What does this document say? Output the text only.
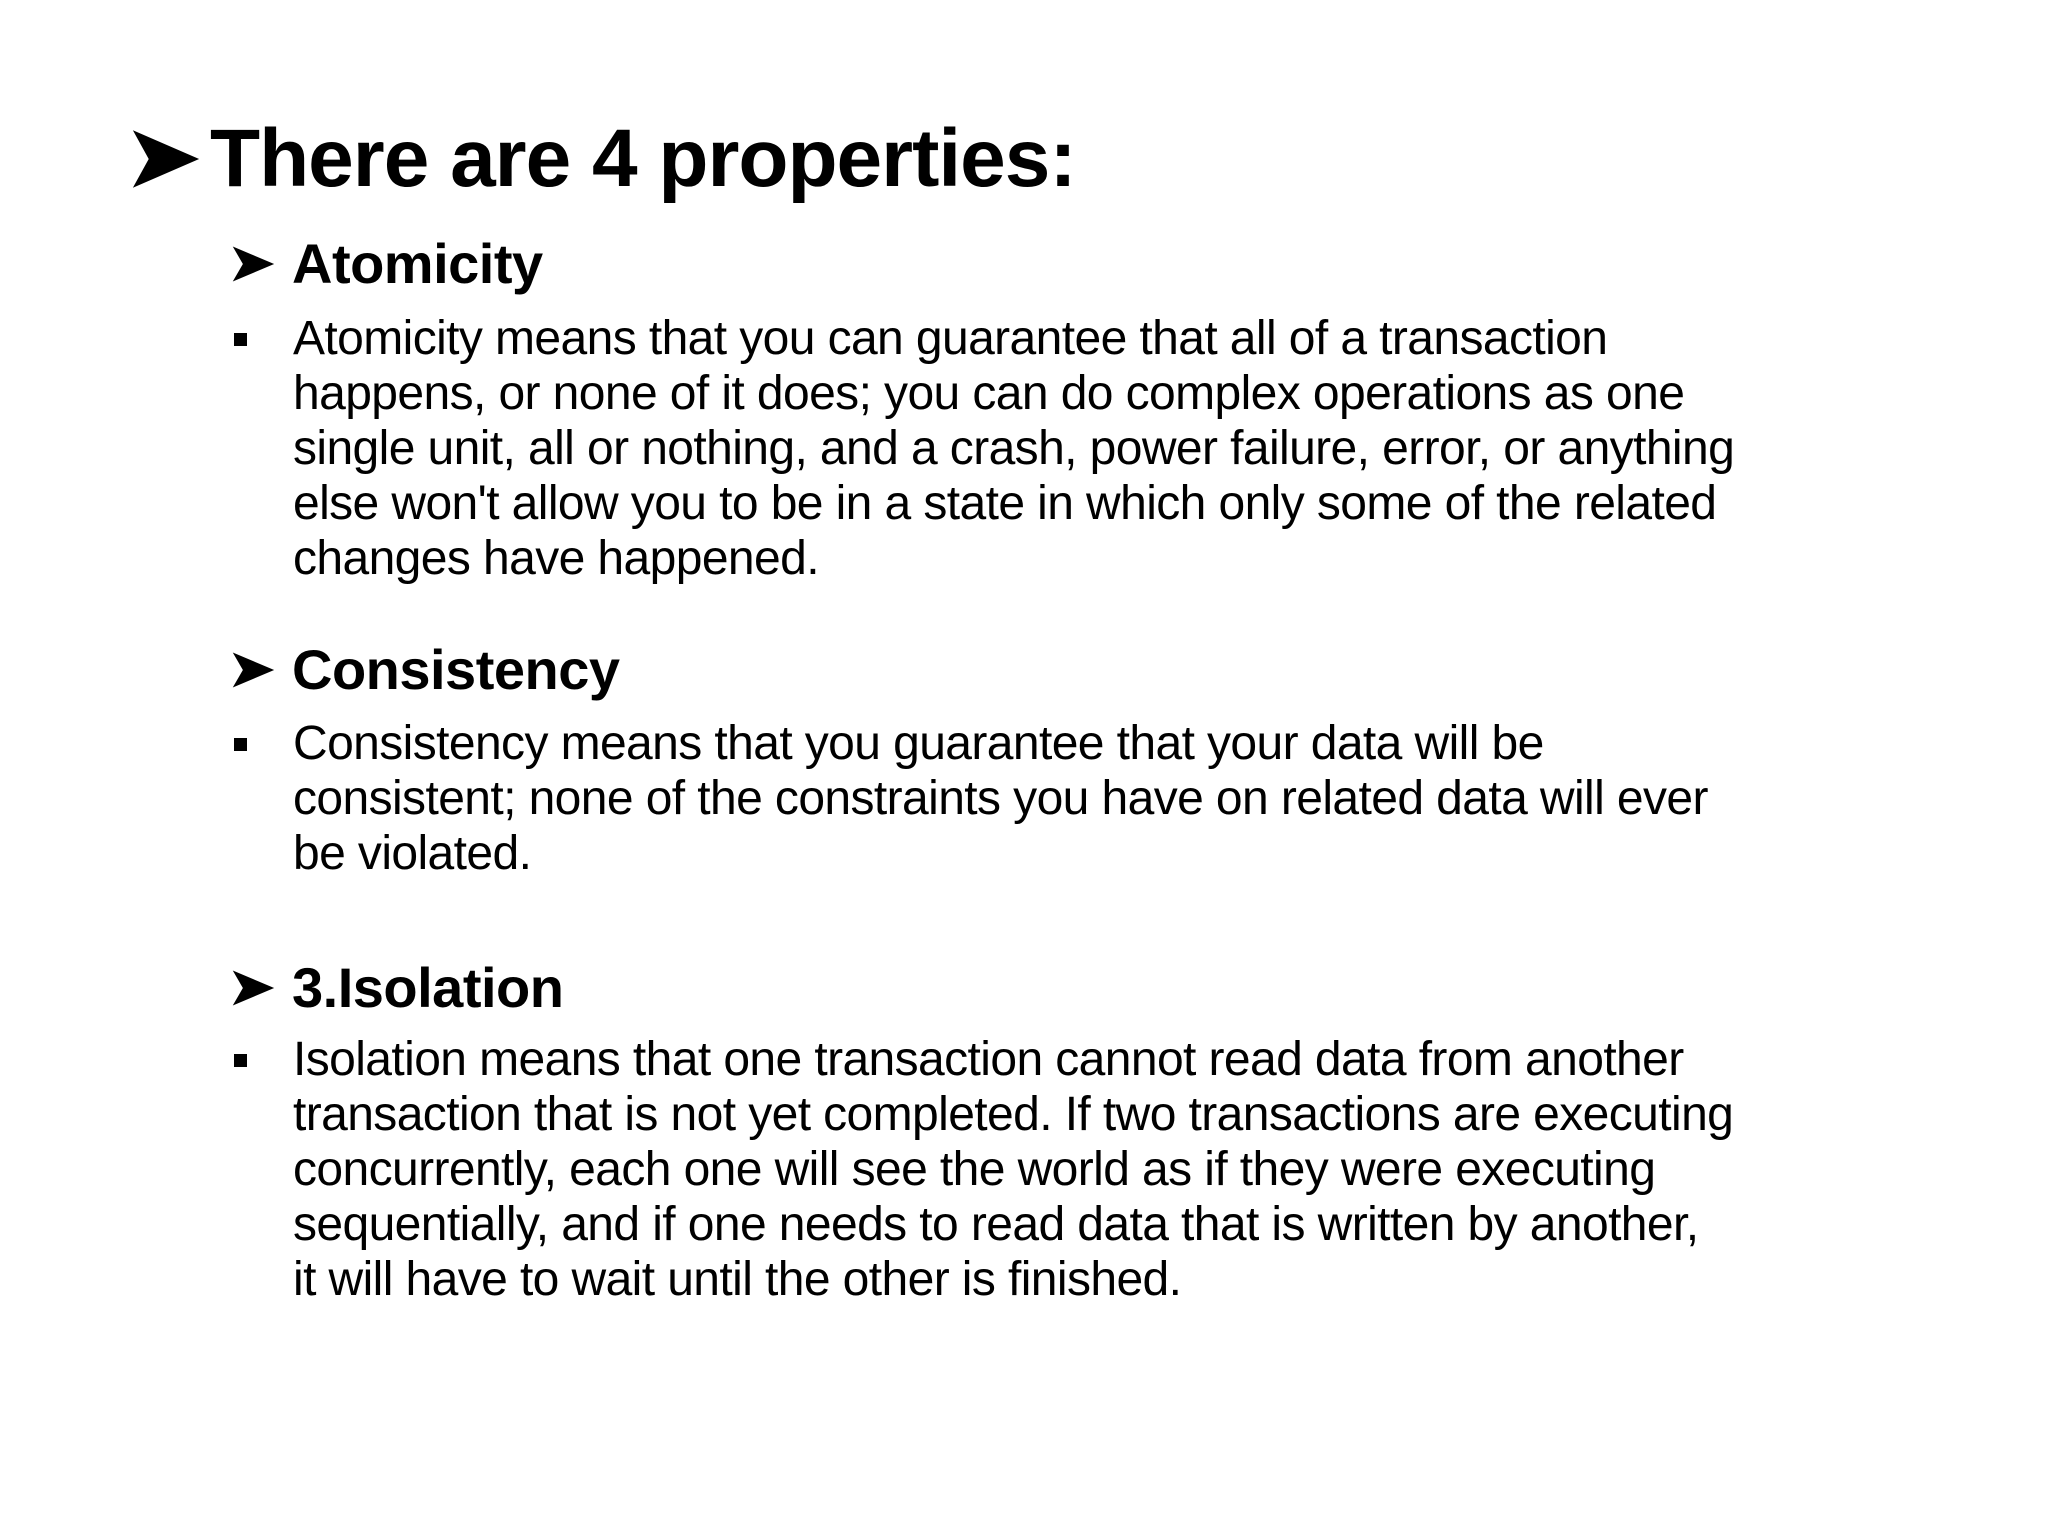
There are 4 properties:
Atomicity
Atomicity means that you can guarantee that all of a transaction
happens, or none of it does; you can do complex operations as one
single unit, all or nothing, and a crash, power failure, error, or anything
else won't allow you to be in a state in which only some of the related
changes have happened.
Consistency
Consistency means that you guarantee that your data will be
consistent; none of the constraints you have on related data will ever
be violated.
3.Isolation
Isolation means that one transaction cannot read data from another
transaction that is not yet completed. If two transactions are executing
concurrently, each one will see the world as if they were executing
sequentially, and if one needs to read data that is written by another,
it will have to wait until the other is finished.
